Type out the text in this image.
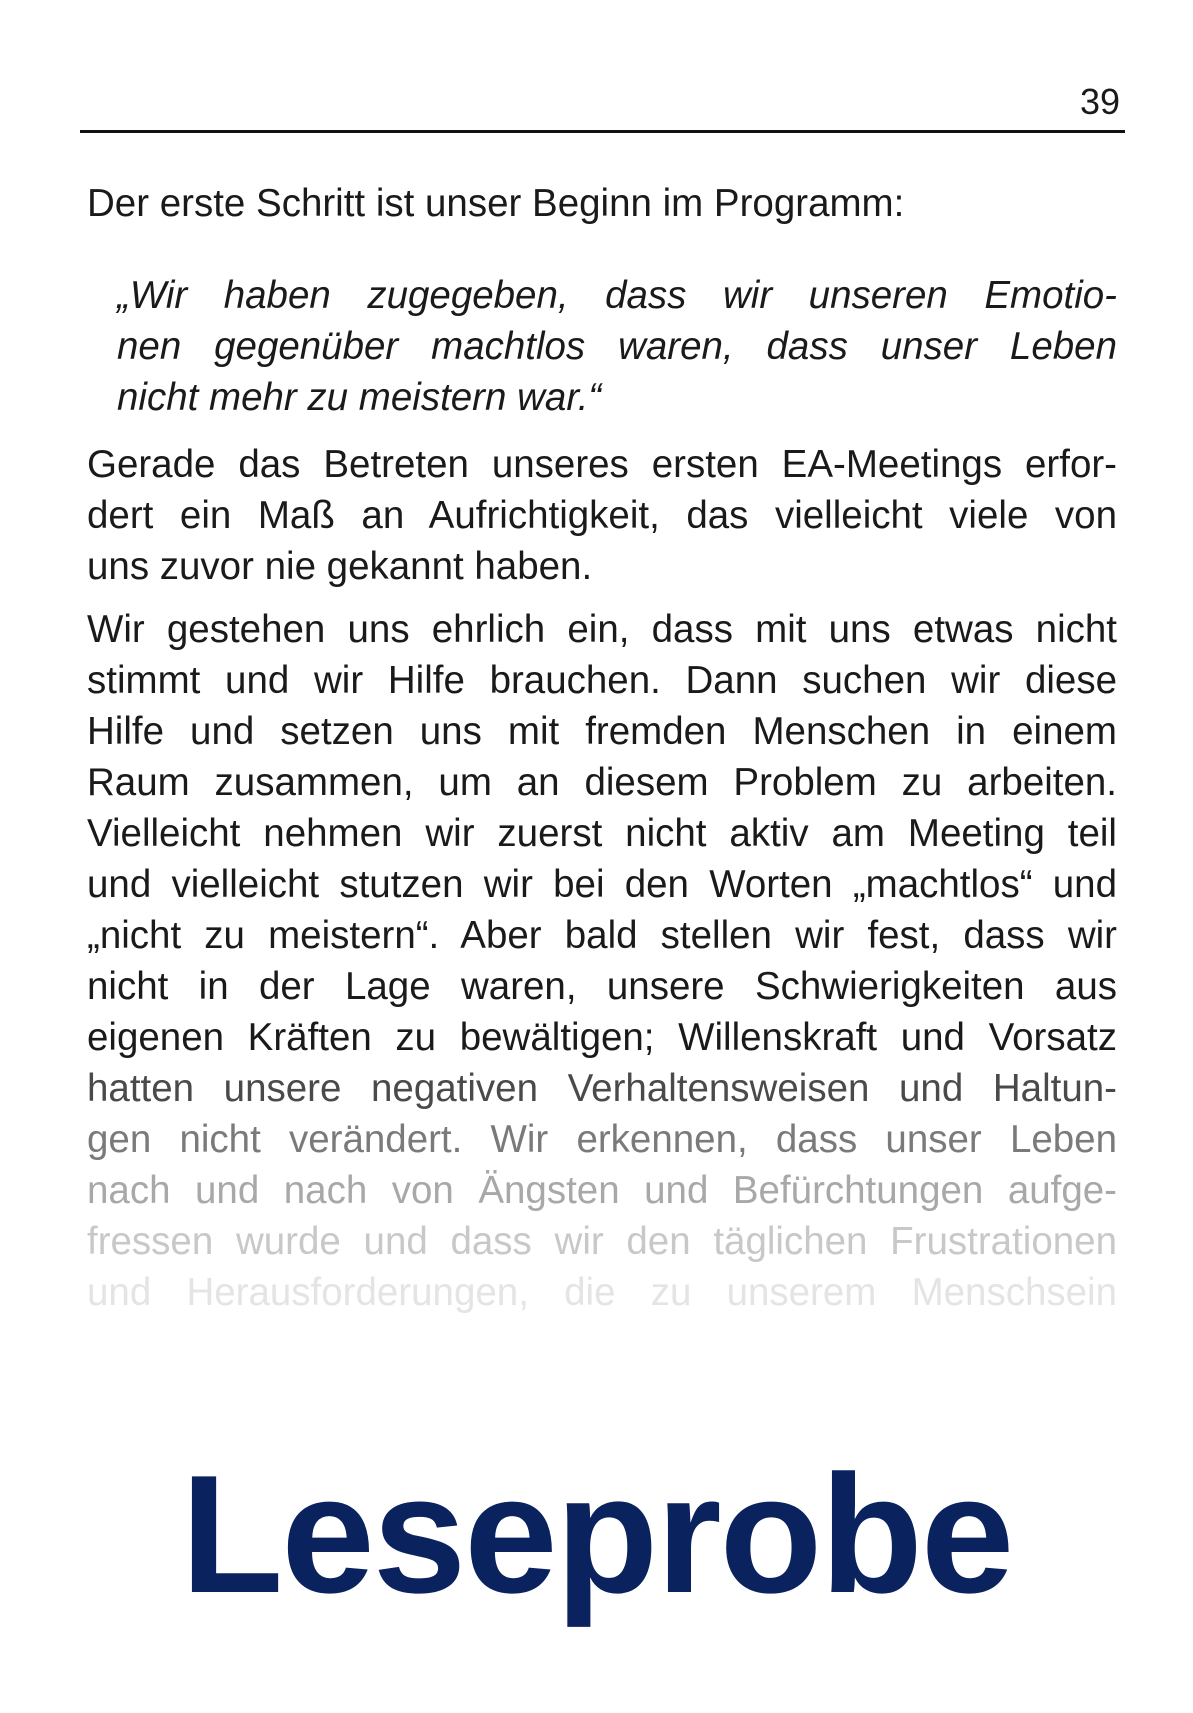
39
Der erste Schritt ist unser Beginn im Programm:
„Wir haben zugegeben, dass wir unseren Emotio-
nen gegenüber machtlos waren, dass unser Leben
nicht mehr zu meistern war.“
Gerade das Betreten unseres ersten EA-Meetings erfor-
dert ein Maß an Aufrichtigkeit, das vielleicht viele von
uns zuvor nie gekannt haben.
Wir gestehen uns ehrlich ein, dass mit uns etwas nicht
stimmt und wir Hilfe brauchen. Dann suchen wir diese
Hilfe und setzen uns mit fremden Menschen in einem
Raum zusammen, um an diesem Problem zu arbeiten.
Vielleicht nehmen wir zuerst nicht aktiv am Meeting teil
und vielleicht stutzen wir bei den Worten „machtlos“ und
„nicht zu meistern“. Aber bald stellen wir fest, dass wir
nicht in der Lage waren, unsere Schwierigkeiten aus
eigenen Kräften zu bewältigen; Willenskraft und Vorsatz
hatten unsere negativen Verhaltensweisen und Haltun-
gen nicht verändert. Wir erkennen, dass unser Leben
nach und nach von Ängsten und Befürchtungen aufge-
fressen wurde und dass wir den täglichen Frustrationen
und Herausforderungen, die zu unserem Menschsein
Leseprobe
